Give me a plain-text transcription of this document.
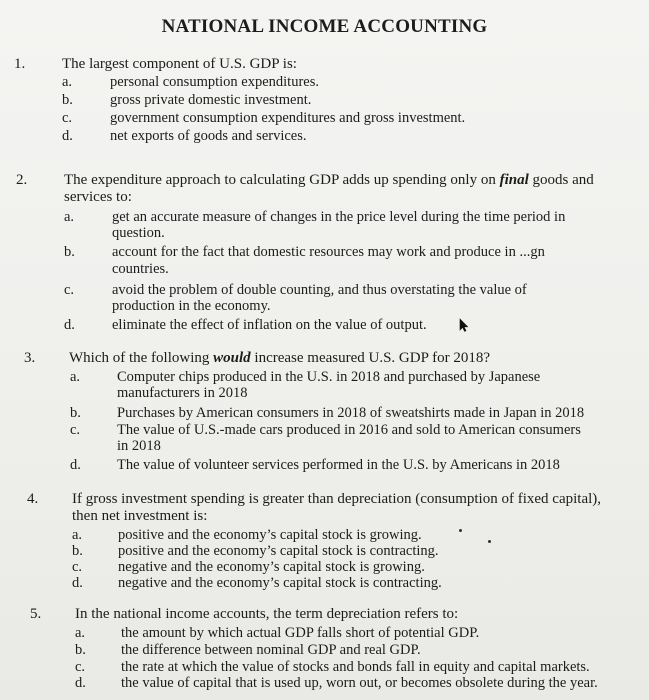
NATIONAL INCOME ACCOUNTING
1. The largest component of U.S. GDP is:
a.	personal consumption expenditures.
b.	gross private domestic investment.
c.	government consumption expenditures and gross investment.
d.	net exports of goods and services.
2. The expenditure approach to calculating GDP adds up spending only on final goods and
services to:
a.	get an accurate measure of changes in the price level during the time period in
question.
b.	account for the fact that domestic resources may work and produce in ...gn
countries.
c.	avoid the problem of double counting, and thus overstating the value of
production in the economy.
d.	eliminate the effect of inflation on the value of output.
3. Which of the following would increase measured U.S. GDP for 2018?
a.	Computer chips produced in the U.S. in 2018 and purchased by Japanese
manufacturers in 2018
b. Purchases by American consumers in 2018 of sweatshirts made in Japan in 2018
c.	The value of U.S.-made cars produced in 2016 and sold to American consumers
in 2018
d. The value of volunteer services performed in the U.S. by Americans in 2018
4. If gross investment spending is greater than depreciation (consumption of fixed capital),
then net investment is:
a. positive and the economy’s capital stock is growing.
b. positive and the economy’s capital stock is contracting.
c. negative and the economy’s capital stock is growing.
d. negative and the economy’s capital stock is contracting.
5. In the national income accounts, the term depreciation refers to:
a. the amount by which actual GDP falls short of potential GDP.
b. the difference between nominal GDP and real GDP.
c. the rate at which the value of stocks and bonds fall in equity and capital markets.
d. the value of capital that is used up, worn out, or becomes obsolete during the year.
